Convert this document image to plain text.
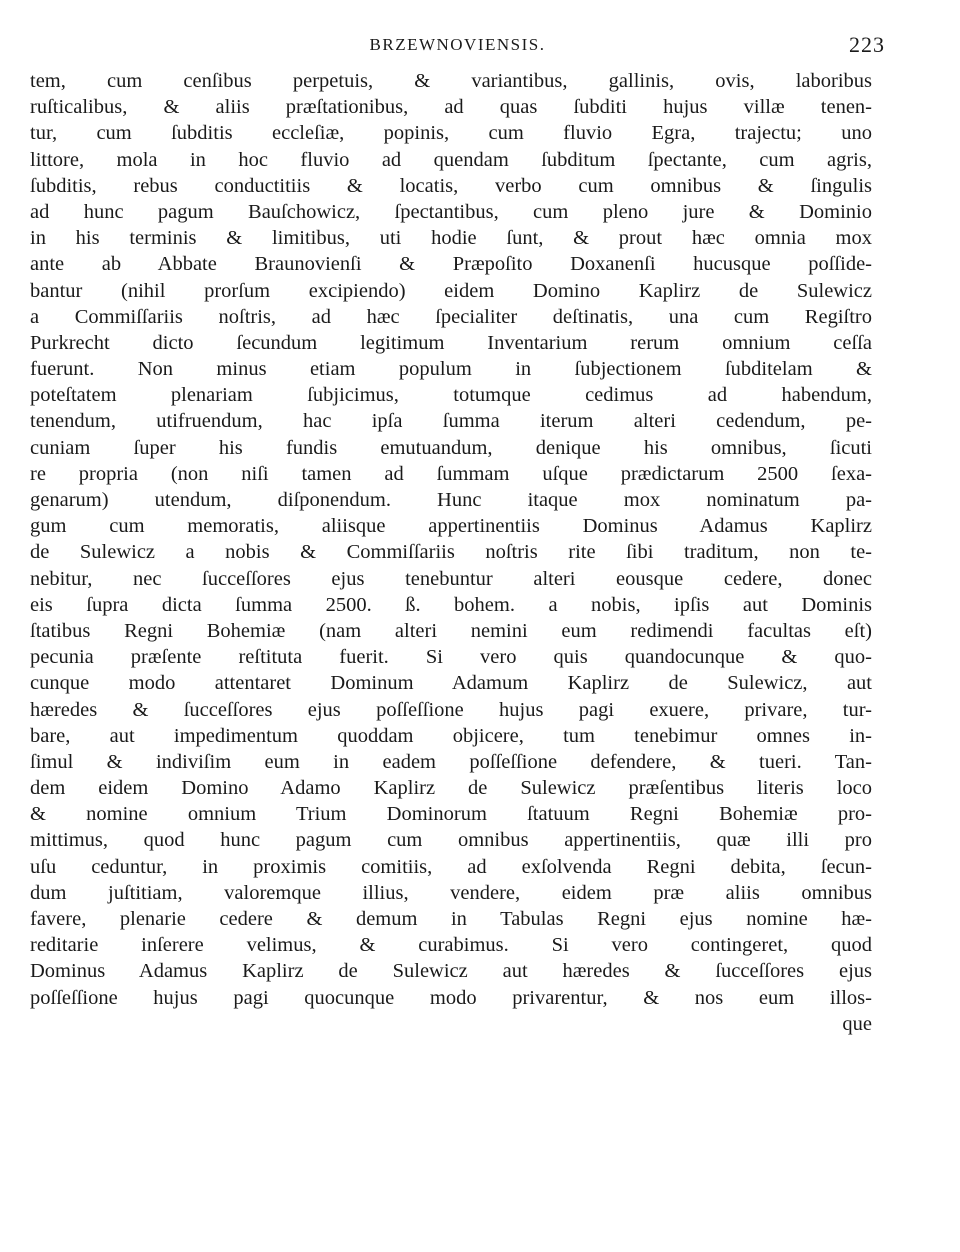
BRZEWNOVIENSIS.	223
tem, cum cenſibus perpetuis, & variantibus, gallinis, ovis, laboribus
ruſticalibus, & aliis præſtationibus, ad quas ſubditi hujus villæ tenen-
tur, cum ſubditis eccleſiæ, popinis, cum fluvio Egra, trajectu; uno
littore, mola in hoc fluvio ad quendam ſubditum ſpectante, cum agris,
ſubditis, rebus conductitiis & locatis, verbo cum omnibus & ſingulis
ad hunc pagum Bauſchowicz, ſpectantibus, cum pleno jure & Dominio
in his terminis & limitibus, uti hodie ſunt, & prout hæc omnia mox
ante ab Abbate Braunovienſi & Præpoſito Doxanenſi hucusque poſſide-
bantur (nihil prorſum excipiendo) eidem Domino Kaplirz de Sulewicz
a Commiſſariis noſtris, ad hæc ſpecialiter deſtinatis, una cum Regiſtro
Purkrecht dicto ſecundum legitimum Inventarium rerum omnium ceſſa
fuerunt. Non minus etiam populum in ſubjectionem ſubditelam &
poteſtatem plenariam ſubjicimus, totumque cedimus ad habendum,
tenendum, utifruendum, hac ipſa ſumma iterum alteri cedendum, pe-
cuniam ſuper his fundis emutuandum, denique his omnibus, ſicuti
re propria (non niſi tamen ad ſummam uſque prædictarum 2500 ſexa-
genarum) utendum, diſponendum. Hunc itaque mox nominatum pa-
gum cum memoratis, aliisque appertinentiis Dominus Adamus Kaplirz
de Sulewicz a nobis & Commiſſariis noſtris rite ſibi traditum, non te-
nebitur, nec ſucceſſores ejus tenebuntur alteri eousque cedere, donec
eis ſupra dicta ſumma 2500. ß. bohem. a nobis, ipſis aut Dominis
ſtatibus Regni Bohemiæ (nam alteri nemini eum redimendi facultas eſt)
pecunia præſente reſtituta fuerit. Si vero quis quandocunque & quo-
cunque modo attentaret Dominum Adamum Kaplirz de Sulewicz, aut
hæredes & ſucceſſores ejus poſſeſſione hujus pagi exuere, privare, tur-
bare, aut impedimentum quoddam objicere, tum tenebimur omnes in-
ſimul & indiviſim eum in eadem poſſeſſione defendere, & tueri. Tan-
dem eidem Domino Adamo Kaplirz de Sulewicz præſentibus literis loco
& nomine omnium Trium Dominorum ſtatuum Regni Bohemiæ pro-
mittimus, quod hunc pagum cum omnibus appertinentiis, quæ illi pro
uſu ceduntur, in proximis comitiis, ad exſolvenda Regni debita, ſecun-
dum juſtitiam, valoremque illius, vendere, eidem præ aliis omnibus
favere, plenarie cedere & demum in Tabulas Regni ejus nomine hæ-
reditarie inſerere velimus, & curabimus. Si vero contingeret, quod
Dominus Adamus Kaplirz de Sulewicz aut hæredes & ſucceſſores ejus
poſſeſſione hujus pagi quocunque modo privarentur, & nos eum illos-
que
